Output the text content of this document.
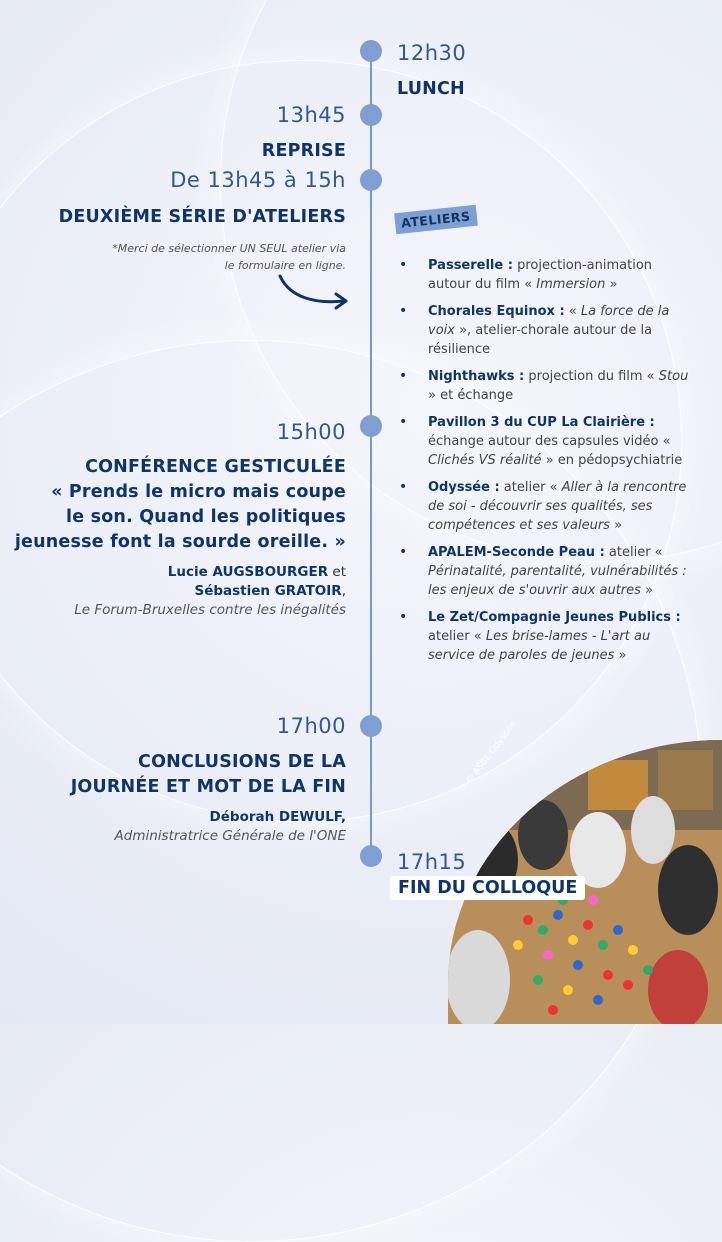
12h30
LUNCH
13h45
REPRISE
De 13h45 à 15h
DEUXIÈME SÉRIE D'ATELIERS
*Merci de sélectionner UN SEUL atelier via
le formulaire en ligne.
ATELIERS
• Passerelle : projection-animation autour du film « Immersion »
• Chorales Equinox : « La force de la voix », atelier-chorale autour de la résilience
• Nighthawks : projection du film « Stou » et échange
• Pavillon 3 du CUP La Clairière : échange autour des capsules vidéo « Clichés VS réalité » en pédopsychiatrie
• Odyssée : atelier « Aller à la rencontre de soi - découvrir ses qualités, ses compétences et ses valeurs »
• APALEM-Seconde Peau : atelier « Périnatalité, parentalité, vulnérabilités : les enjeux de s'ouvrir aux autres »
• Le Zet/Compagnie Jeunes Publics : atelier « Les brise-lames - L'art au service de paroles de jeunes »
15h00
CONFÉRENCE GESTICULÉE
« Prends le micro mais coupe
le son. Quand les politiques
jeunesse font la sourde oreille. »
Lucie AUGSBOURGER et
Sébastien GRATOIR,
Le Forum-Bruxelles contre les inégalités
17h00
CONCLUSIONS DE LA
JOURNÉE ET MOT DE LA FIN
Déborah DEWULF,
Administratrice Générale de l'ONE
© ASBL Odyssée
17h15
FIN DU COLLOQUE
